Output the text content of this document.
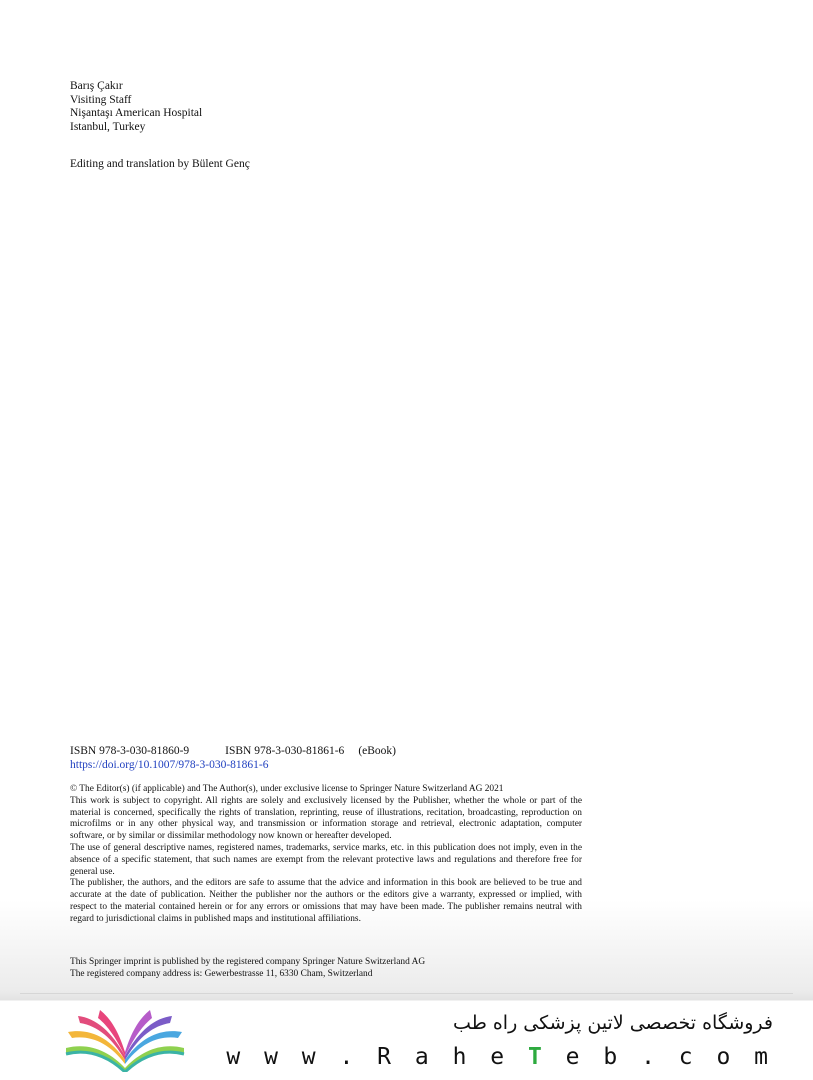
Barış Çakır
Visiting Staff
Nişantaşı American Hospital
Istanbul, Turkey
Editing and translation by Bülent Genç
ISBN 978-3-030-81860-9	ISBN 978-3-030-81861-6 (eBook)
https://doi.org/10.1007/978-3-030-81861-6

© The Editor(s) (if applicable) and The Author(s), under exclusive license to Springer Nature Switzerland AG 2021

This work is subject to copyright. All rights are solely and exclusively licensed by the Publisher, whether the whole or part of the material is concerned, specifically the rights of translation, reprinting, reuse of illustrations, recitation, broadcasting, reproduction on microfilms or in any other physical way, and transmission or information storage and retrieval, electronic adaptation, computer software, or by similar or dissimilar methodology now known or hereafter developed.

The use of general descriptive names, registered names, trademarks, service marks, etc. in this publication does not imply, even in the absence of a specific statement, that such names are exempt from the relevant protective laws and regulations and therefore free for general use.

The publisher, the authors, and the editors are safe to assume that the advice and information in this book are believed to be true and accurate at the date of publication. Neither the publisher nor the authors or the editors give a warranty, expressed or implied, with respect to the material contained herein or for any errors or omissions that may have been made. The publisher remains neutral with regard to jurisdictional claims in published maps and institutional affiliations.

This Springer imprint is published by the registered company Springer Nature Switzerland AG
The registered company address is: Gewerbestrasse 11, 6330 Cham, Switzerland
فروشگاه تخصصی لاتین پزشکی راه طب
w w w . R a h e T e b . c o m
